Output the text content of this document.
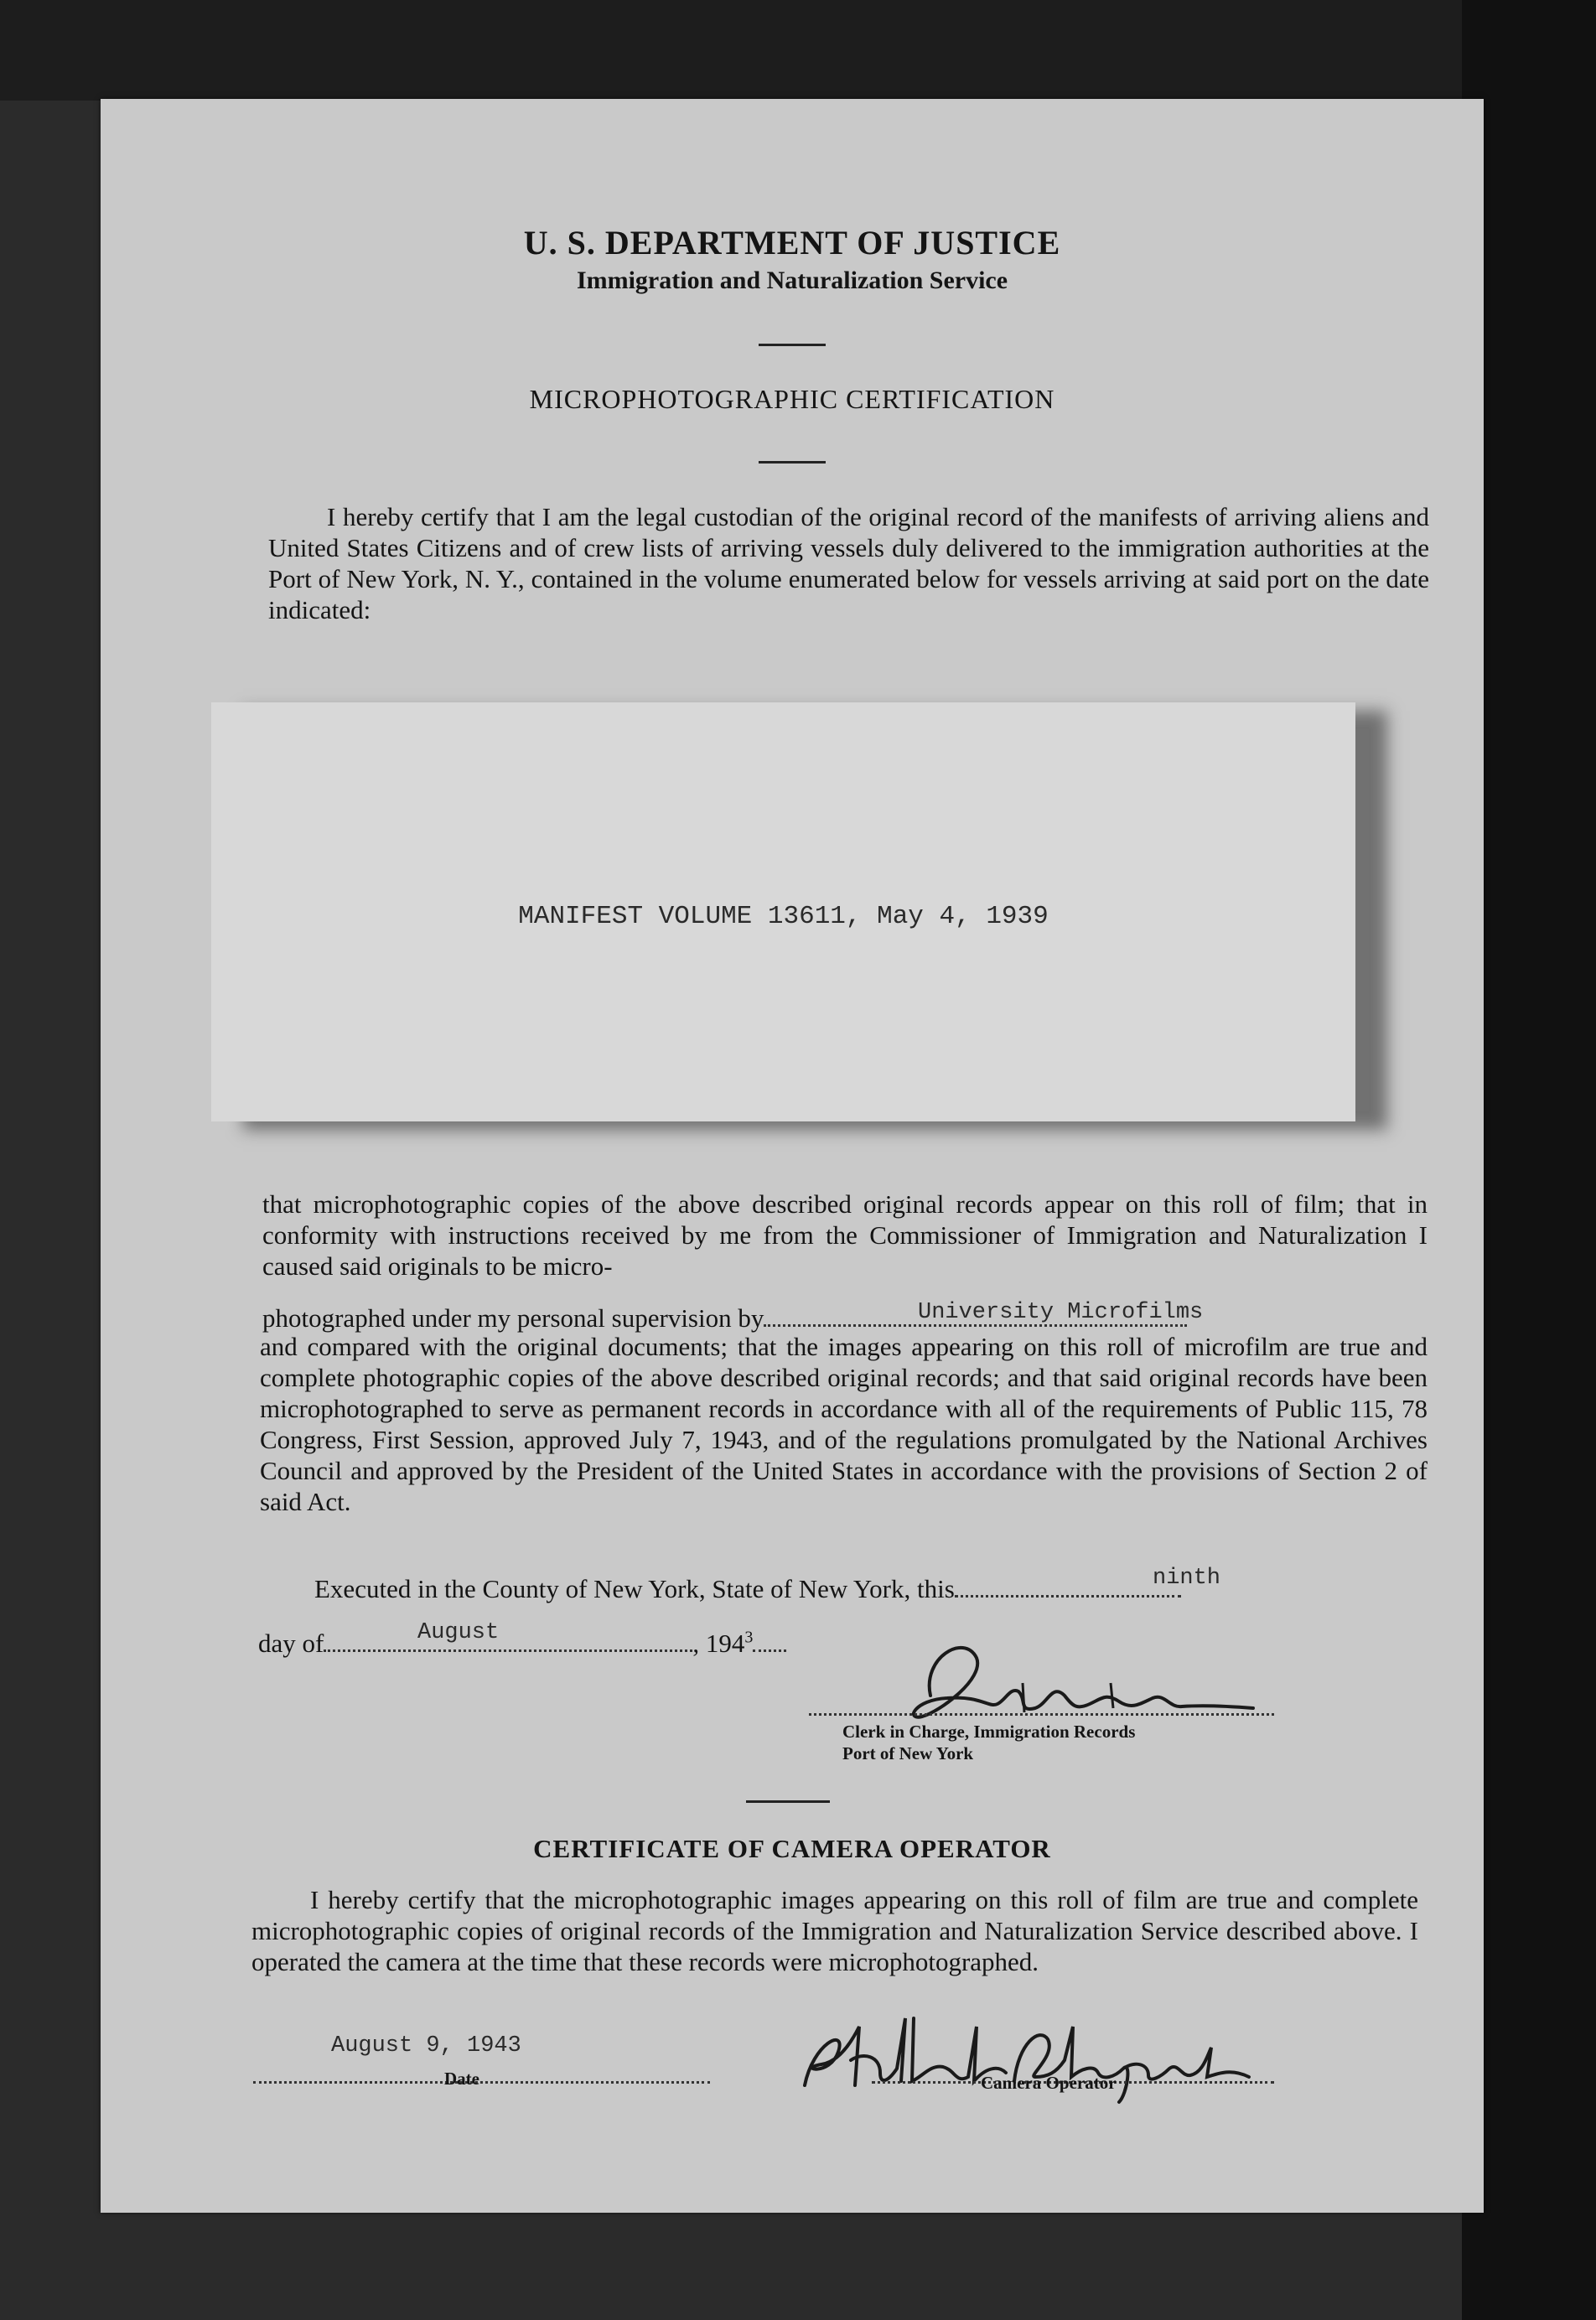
U. S. DEPARTMENT OF JUSTICE
Immigration and Naturalization Service
MICROPHOTOGRAPHIC CERTIFICATION
I hereby certify that I am the legal custodian of the original record of the manifests of arriving aliens and United States Citizens and of crew lists of arriving vessels duly delivered to the immigration authorities at the Port of New York, N. Y., contained in the volume enumerated below for vessels arriving at said port on the date indicated:
MANIFEST VOLUME 13611, May 4, 1939
that microphotographic copies of the above described original records appear on this roll of film; that in conformity with instructions received by me from the Commissioner of Immigration and Naturalization I caused said originals to be micro-
photographed under my personal supervision by	University Microfilms
and compared with the original documents; that the images appearing on this roll of microfilm are true and complete photographic copies of the above described original records; and that said original records have been microphotographed to serve as permanent records in accordance with all of the requirements of Public 115, 78 Congress, First Session, approved July 7, 1943, and of the regulations promulgated by the National Archives Council and approved by the President of the United States in accordance with the provisions of Section 2 of said Act.
Executed in the County of New York, State of New York, this	ninth
day of	, $194^3$
August
Clerk in Charge, Immigration Records
Port of New York
CERTIFICATE OF CAMERA OPERATOR
I hereby certify that the microphotographic images appearing on this roll of film are true and complete microphotographic copies of original records of the Immigration and Naturalization Service described above. I operated the camera at the time that these records were microphotographed.
August 9, 1943
Date	Camera Operator
